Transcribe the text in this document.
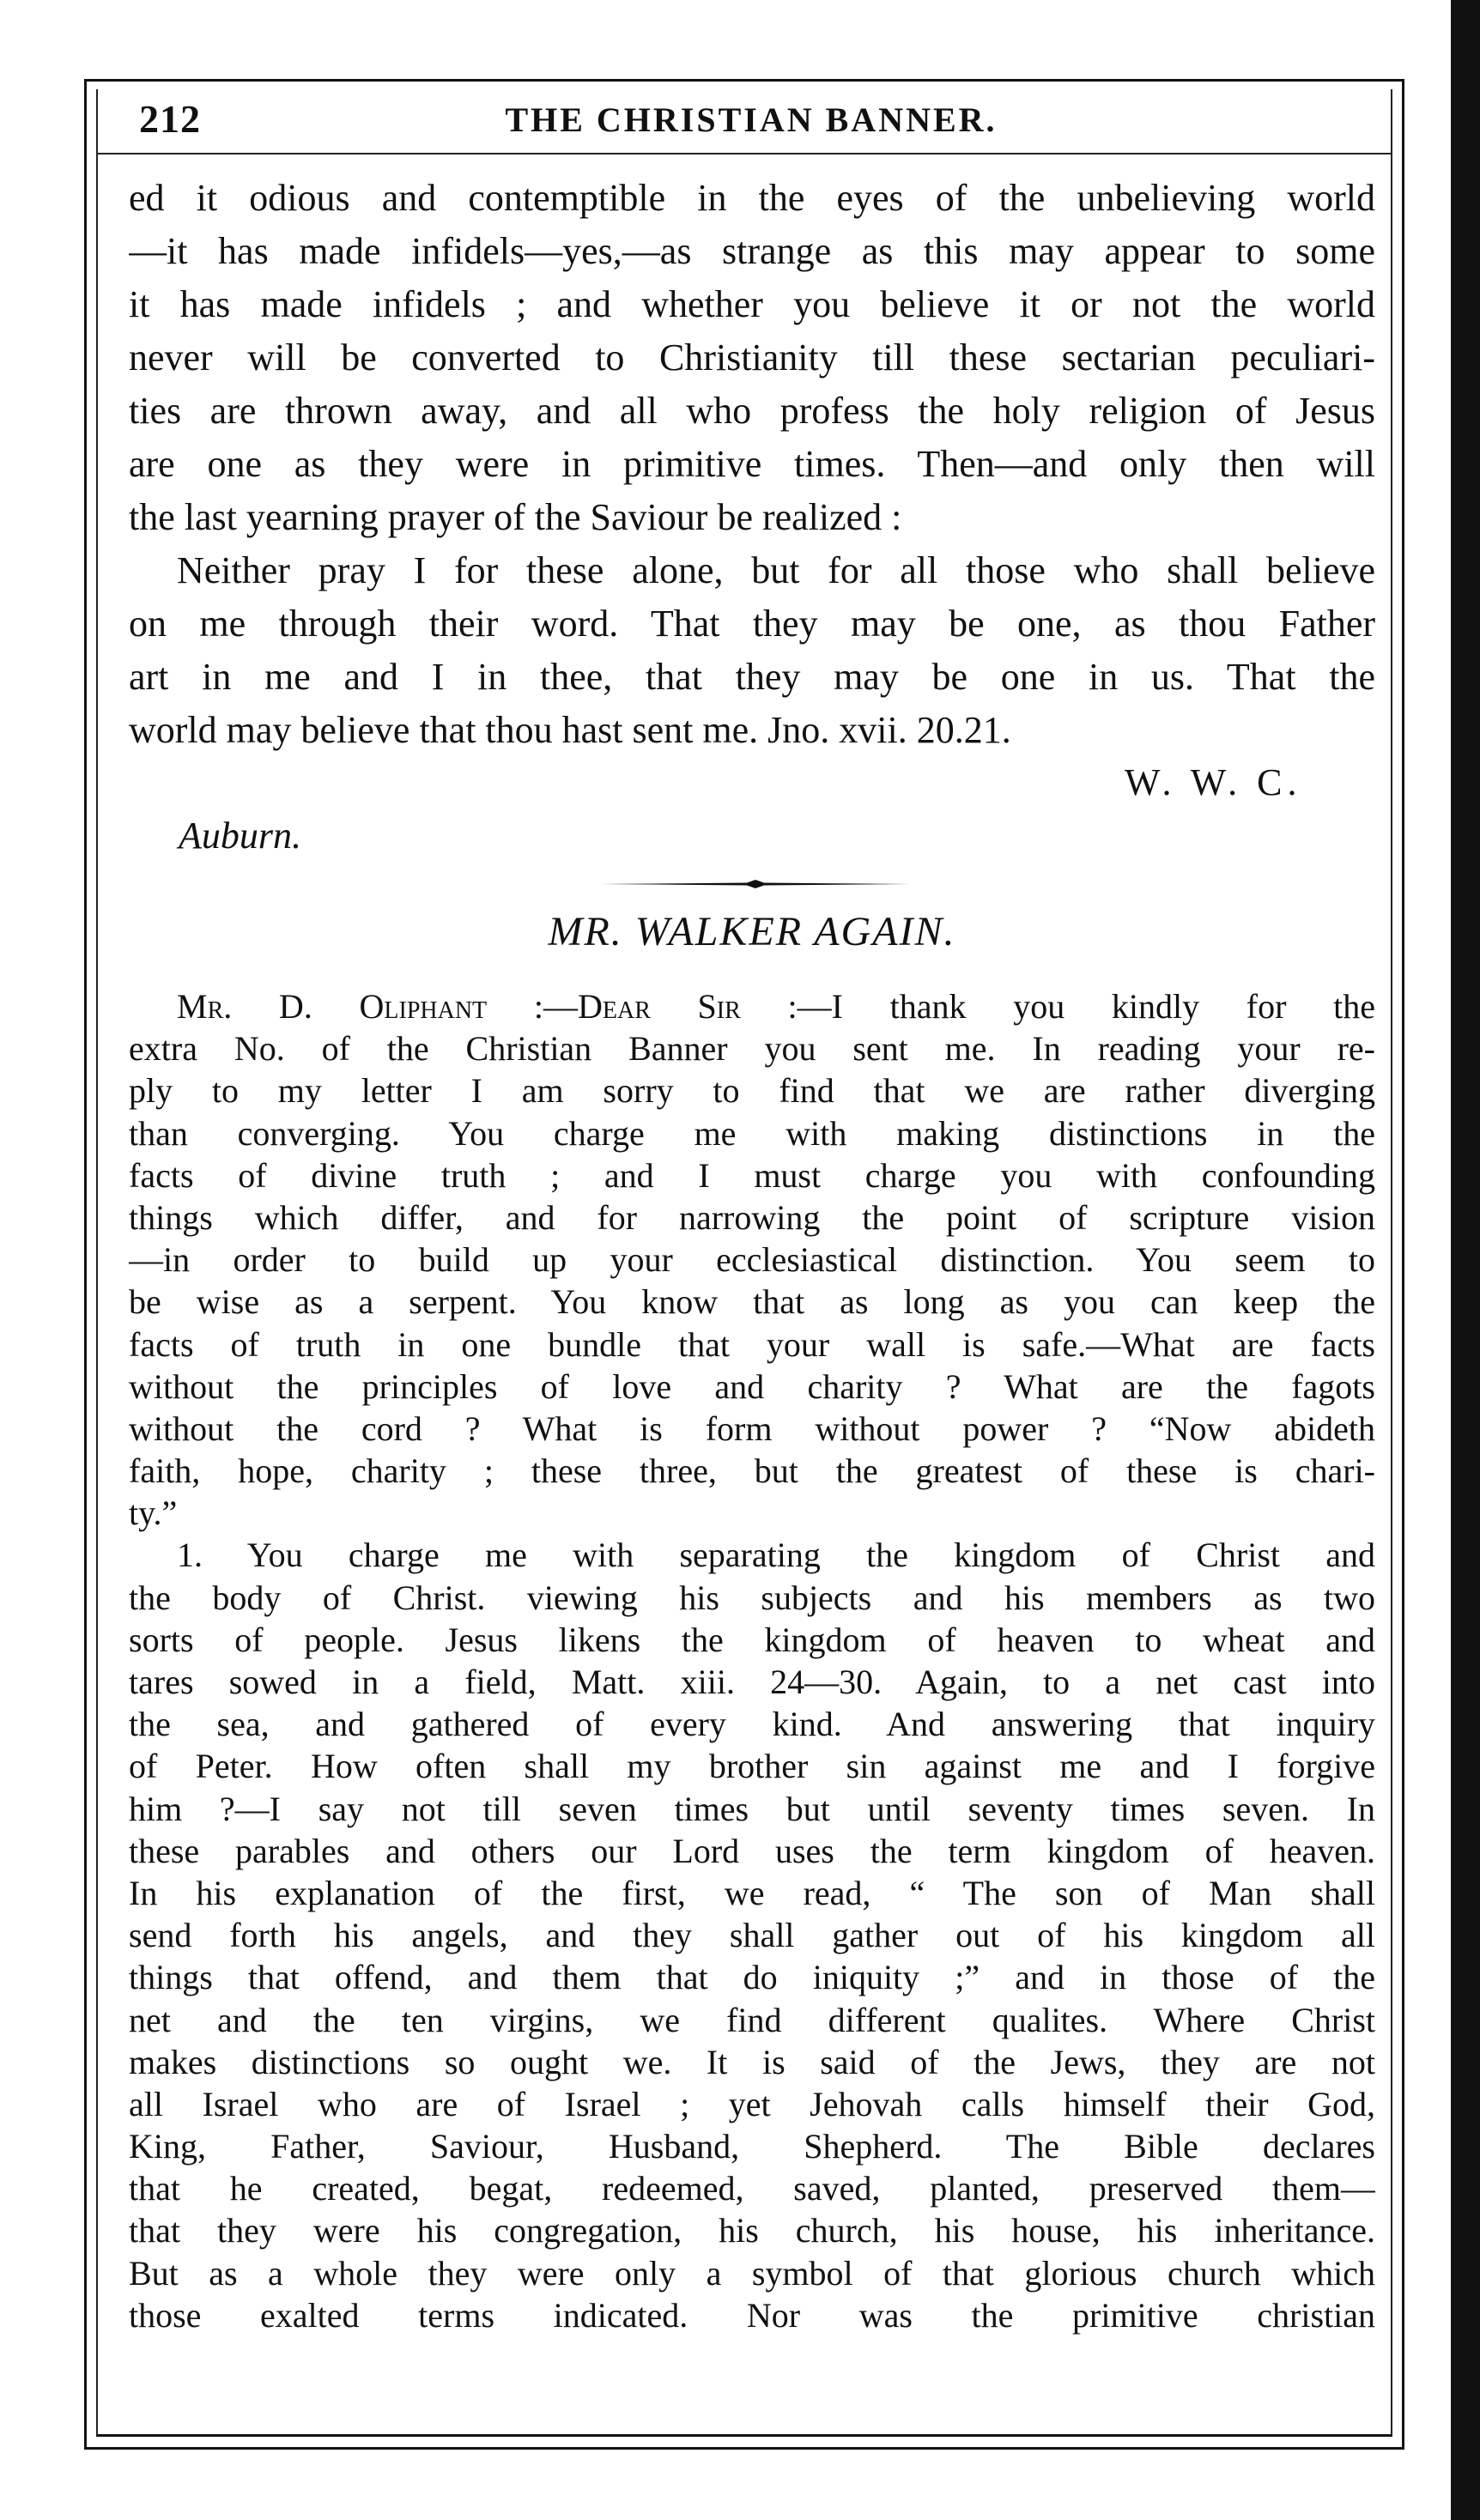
212	THE CHRISTIAN BANNER.
ed it odious and contemptible in the eyes of the unbelieving world
—it has made infidels—yes,—as strange as this may appear to some
it has made infidels ; and whether you believe it or not the world
never will be converted to Christianity till these sectarian peculiari-
ties are thrown away, and all who profess the holy religion of Jesus
are one as they were in primitive times. Then—and only then will
the last yearning prayer of the Saviour be realized :
Neither pray I for these alone, but for all those who shall believe
on me through their word. That they may be one, as thou Father
art in me and I in thee, that they may be one in us. That the
world may believe that thou hast sent me. Jno. xvii. 20.21.
W. W. C.
Auburn.
MR. WALKER AGAIN.
Mr. D. Oliphant :—Dear Sir :—I thank you kindly for the
extra No. of the Christian Banner you sent me. In reading your re-
ply to my letter I am sorry to find that we are rather diverging
than converging. You charge me with making distinctions in the
facts of divine truth ; and I must charge you with confounding
things which differ, and for narrowing the point of scripture vision
—in order to build up your ecclesiastical distinction. You seem to
be wise as a serpent. You know that as long as you can keep the
facts of truth in one bundle that your wall is safe.—What are facts
without the principles of love and charity ? What are the fagots
without the cord ? What is form without power ? “Now abideth
faith, hope, charity ; these three, but the greatest of these is chari-
ty.”
1. You charge me with separating the kingdom of Christ and
the body of Christ. viewing his subjects and his members as two
sorts of people. Jesus likens the kingdom of heaven to wheat and
tares sowed in a field, Matt. xiii. 24—30. Again, to a net cast into
the sea, and gathered of every kind. And answering that inquiry
of Peter. How often shall my brother sin against me and I forgive
him ?—I say not till seven times but until seventy times seven. In
these parables and others our Lord uses the term kingdom of heaven.
In his explanation of the first, we read, “ The son of Man shall
send forth his angels, and they shall gather out of his kingdom all
things that offend, and them that do iniquity ;” and in those of the
net and the ten virgins, we find different qualites. Where Christ
makes distinctions so ought we. It is said of the Jews, they are not
all Israel who are of Israel ; yet Jehovah calls himself their God,
King, Father, Saviour, Husband, Shepherd. The Bible declares
that he created, begat, redeemed, saved, planted, preserved them—
that they were his congregation, his church, his house, his inheritance.
But as a whole they were only a symbol of that glorious church which
those exalted terms indicated. Nor was the primitive christian
